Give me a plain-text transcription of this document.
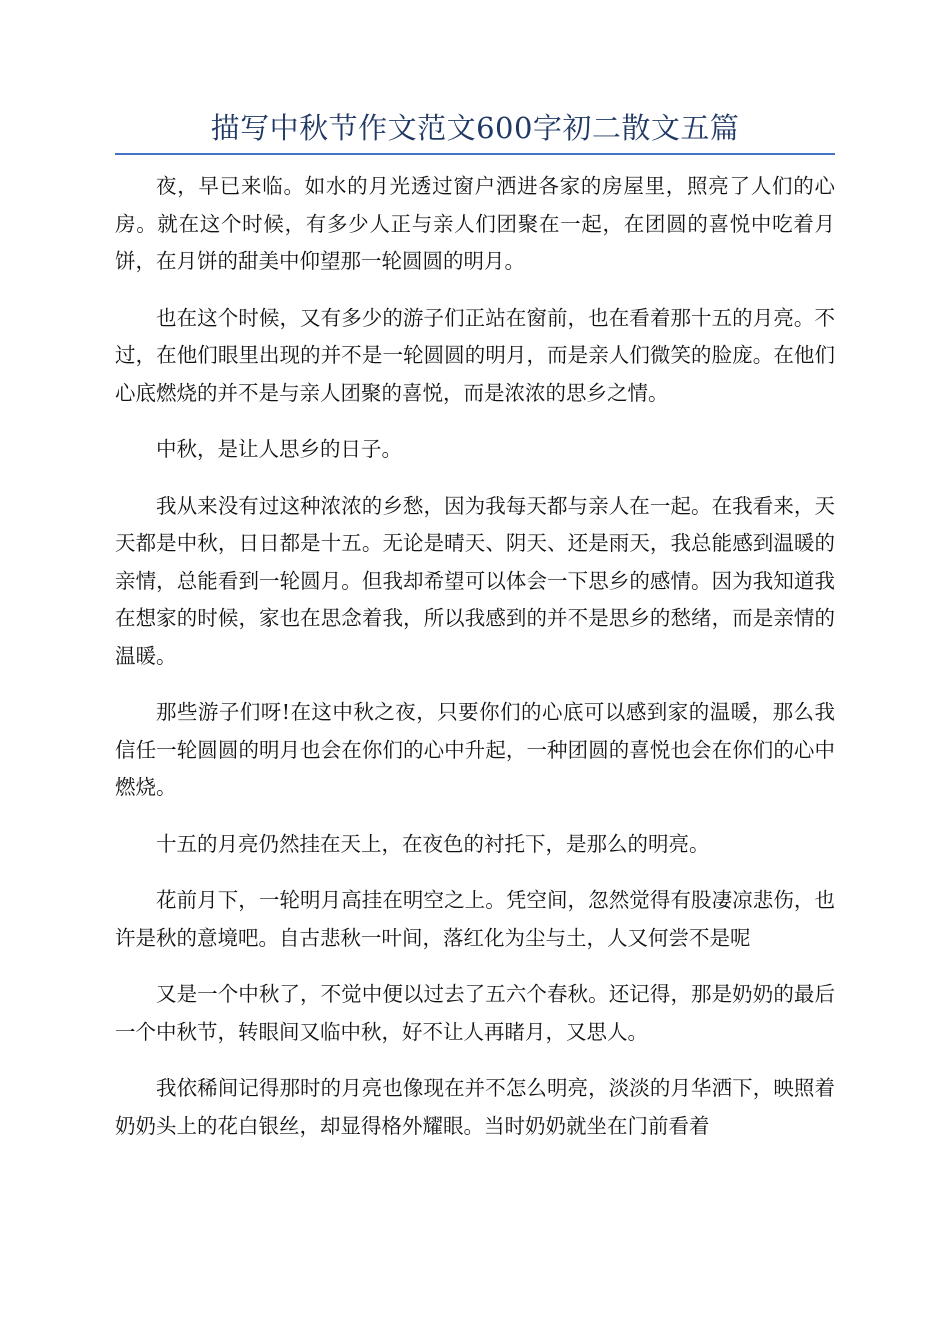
描写中秋节作文范文600字初二散文五篇

夜，早已来临。如水的月光透过窗户洒进各家的房屋里，照亮了人们的心房。就在这个时候，有多少人正与亲人们团聚在一起，在团圆的喜悦中吃着月饼，在月饼的甜美中仰望那一轮圆圆的明月。

也在这个时候，又有多少的游子们正站在窗前，也在看着那十五的月亮。不过，在他们眼里出现的并不是一轮圆圆的明月，而是亲人们微笑的脸庞。在他们心底燃烧的并不是与亲人团聚的喜悦，而是浓浓的思乡之情。

中秋，是让人思乡的日子。

我从来没有过这种浓浓的乡愁，因为我每天都与亲人在一起。在我看来，天天都是中秋，日日都是十五。无论是晴天、阴天、还是雨天，我总能感到温暖的亲情，总能看到一轮圆月。但我却希望可以体会一下思乡的感情。因为我知道我在想家的时候，家也在思念着我，所以我感到的并不是思乡的愁绪，而是亲情的温暖。

那些游子们呀!在这中秋之夜，只要你们的心底可以感到家的温暖，那么我信任一轮圆圆的明月也会在你们的心中升起，一种团圆的喜悦也会在你们的心中燃烧。

十五的月亮仍然挂在天上，在夜色的衬托下，是那么的明亮。

花前月下，一轮明月高挂在明空之上。凭空间，忽然觉得有股凄凉悲伤，也许是秋的意境吧。自古悲秋一叶间，落红化为尘与土，人又何尝不是呢

又是一个中秋了，不觉中便以过去了五六个春秋。还记得，那是奶奶的最后一个中秋节，转眼间又临中秋，好不让人再睹月，又思人。

我依稀间记得那时的月亮也像现在并不怎么明亮，淡淡的月华洒下，映照着奶奶头上的花白银丝，却显得格外耀眼。当时奶奶就坐在门前看着
